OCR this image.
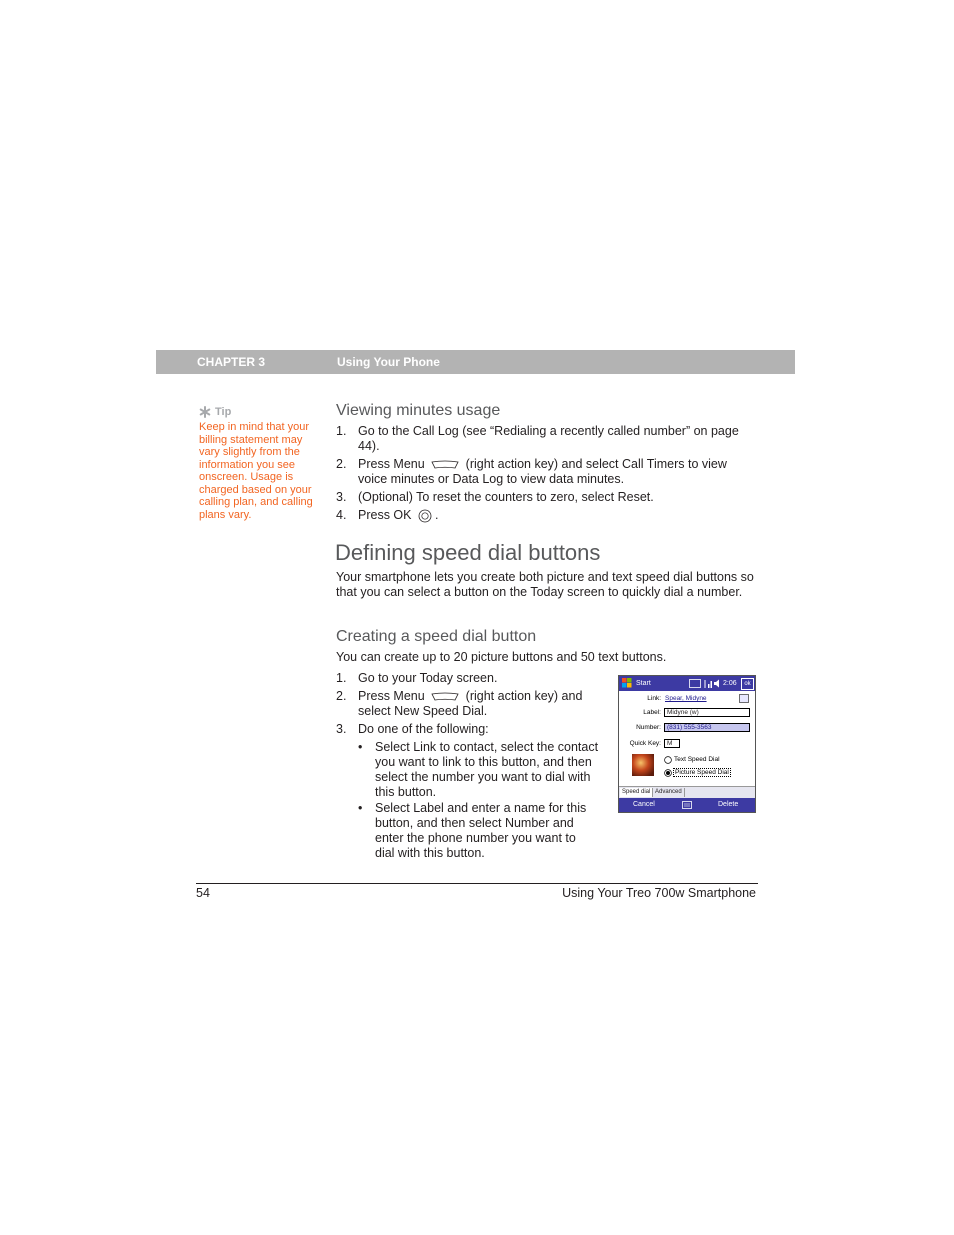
CHAPTER 3	Using Your Phone
Tip
Keep in mind that your billing statement may vary slightly from the information you see onscreen. Usage is charged based on your calling plan, and calling plans vary.
Viewing minutes usage
1. Go to the Call Log (see “Redialing a recently called number” on page 44).
2. Press Menu	(right action key) and select Call Timers to view voice minutes or Data Log to view data minutes.
3. (Optional) To reset the counters to zero, select Reset.
4. Press OK .
Defining speed dial buttons

Your smartphone lets you create both picture and text speed dial buttons so that you can select a button on the Today screen to quickly dial a number.

Creating a speed dial button

You can create up to 20 picture buttons and 50 text buttons.

1. Go to your Today screen.
2. Press Menu	(right action key) and select New Speed Dial.
3. Do one of the following:
• Select Link to contact, select the contact you want to link to this button, and then select the number you want to dial with this button.
• Select Label and enter a name for this button, and then select Number and enter the phone number you want to dial with this button.
Start	2:06	ok
Link: Spear, Midyne
Label: Midyne (w)
Number: (831) 555-3563
Quick Key: M
Text Speed Dial
Picture Speed Dial
Speed dial Advanced
Cancel	Delete
54	Using Your Treo 700w Smartphone
